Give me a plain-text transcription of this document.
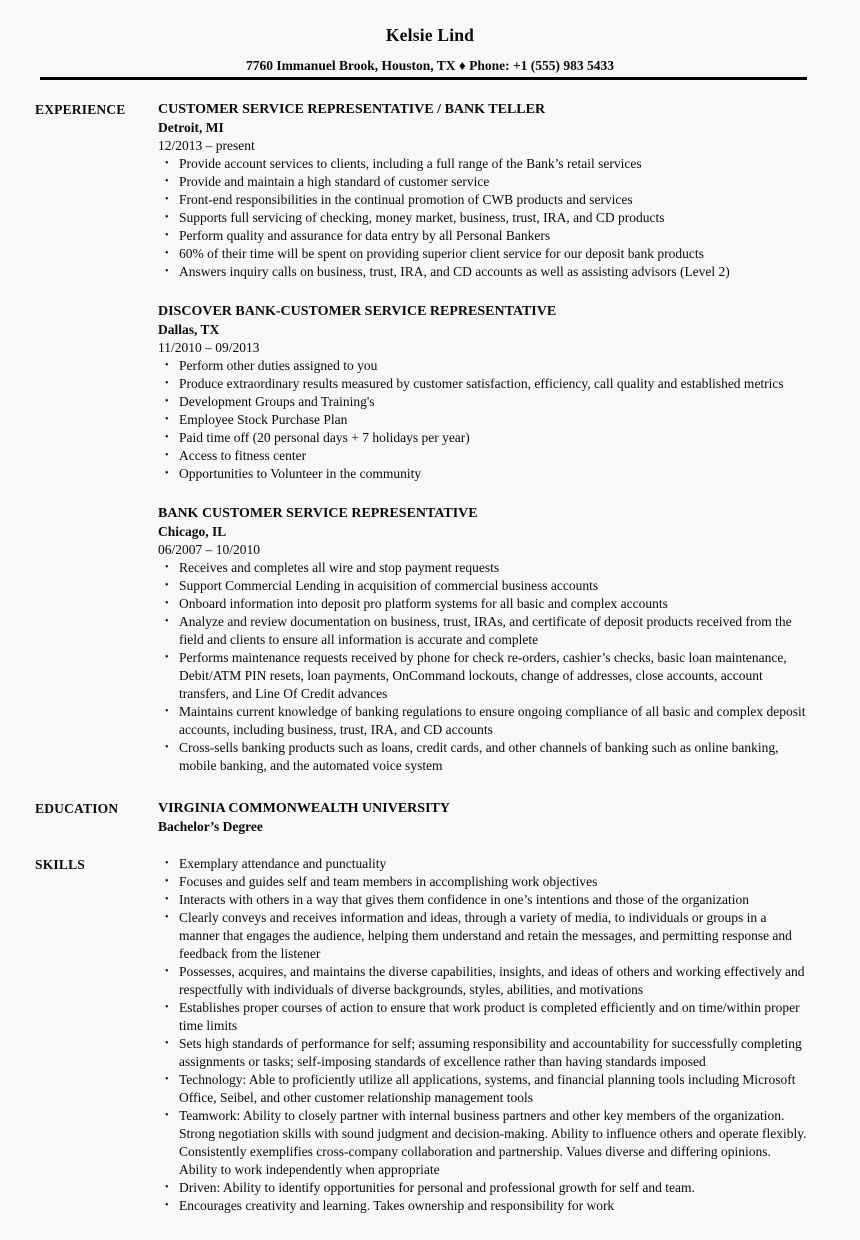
Kelsie Lind
7760 Immanuel Brook, Houston, TX ♦ Phone: +1 (555) 983 5433
EXPERIENCE	CUSTOMER SERVICE REPRESENTATIVE / BANK TELLER
Detroit, MI
12/2013 – present
• Provide account services to clients, including a full range of the Bank’s retail services
• Provide and maintain a high standard of customer service
• Front-end responsibilities in the continual promotion of CWB products and services
• Supports full servicing of checking, money market, business, trust, IRA, and CD products
• Perform quality and assurance for data entry by all Personal Bankers
• 60% of their time will be spent on providing superior client service for our deposit bank products
• Answers inquiry calls on business, trust, IRA, and CD accounts as well as assisting advisors (Level 2)
DISCOVER BANK-CUSTOMER SERVICE REPRESENTATIVE
Dallas, TX
11/2010 – 09/2013
• Perform other duties assigned to you
• Produce extraordinary results measured by customer satisfaction, efficiency, call quality and established metrics
• Development Groups and Training's
• Employee Stock Purchase Plan
• Paid time off (20 personal days + 7 holidays per year)
• Access to fitness center
• Opportunities to Volunteer in the community
BANK CUSTOMER SERVICE REPRESENTATIVE
Chicago, IL
06/2007 – 10/2010
• Receives and completes all wire and stop payment requests
• Support Commercial Lending in acquisition of commercial business accounts
• Onboard information into deposit pro platform systems for all basic and complex accounts
• Analyze and review documentation on business, trust, IRAs, and certificate of deposit products received from the field and clients to ensure all information is accurate and complete
• Performs maintenance requests received by phone for check re-orders, cashier’s checks, basic loan maintenance, Debit/ATM PIN resets, loan payments, OnCommand lockouts, change of addresses, close accounts, account transfers, and Line Of Credit advances
• Maintains current knowledge of banking regulations to ensure ongoing compliance of all basic and complex deposit accounts, including business, trust, IRA, and CD accounts
• Cross-sells banking products such as loans, credit cards, and other channels of banking such as online banking, mobile banking, and the automated voice system
EDUCATION	VIRGINIA COMMONWEALTH UNIVERSITY
Bachelor’s Degree
SKILLS	• Exemplary attendance and punctuality
• Focuses and guides self and team members in accomplishing work objectives
• Interacts with others in a way that gives them confidence in one’s intentions and those of the organization
• Clearly conveys and receives information and ideas, through a variety of media, to individuals or groups in a manner that engages the audience, helping them understand and retain the messages, and permitting response and feedback from the listener
• Possesses, acquires, and maintains the diverse capabilities, insights, and ideas of others and working effectively and respectfully with individuals of diverse backgrounds, styles, abilities, and motivations
• Establishes proper courses of action to ensure that work product is completed efficiently and on time/within proper time limits
• Sets high standards of performance for self; assuming responsibility and accountability for successfully completing assignments or tasks; self-imposing standards of excellence rather than having standards imposed
• Technology: Able to proficiently utilize all applications, systems, and financial planning tools including Microsoft Office, Seibel, and other customer relationship management tools
• Teamwork: Ability to closely partner with internal business partners and other key members of the organization. Strong negotiation skills with sound judgment and decision-making. Ability to influence others and operate flexibly. Consistently exemplifies cross-company collaboration and partnership. Values diverse and differing opinions. Ability to work independently when appropriate
• Driven: Ability to identify opportunities for personal and professional growth for self and team.
• Encourages creativity and learning. Takes ownership and responsibility for work
